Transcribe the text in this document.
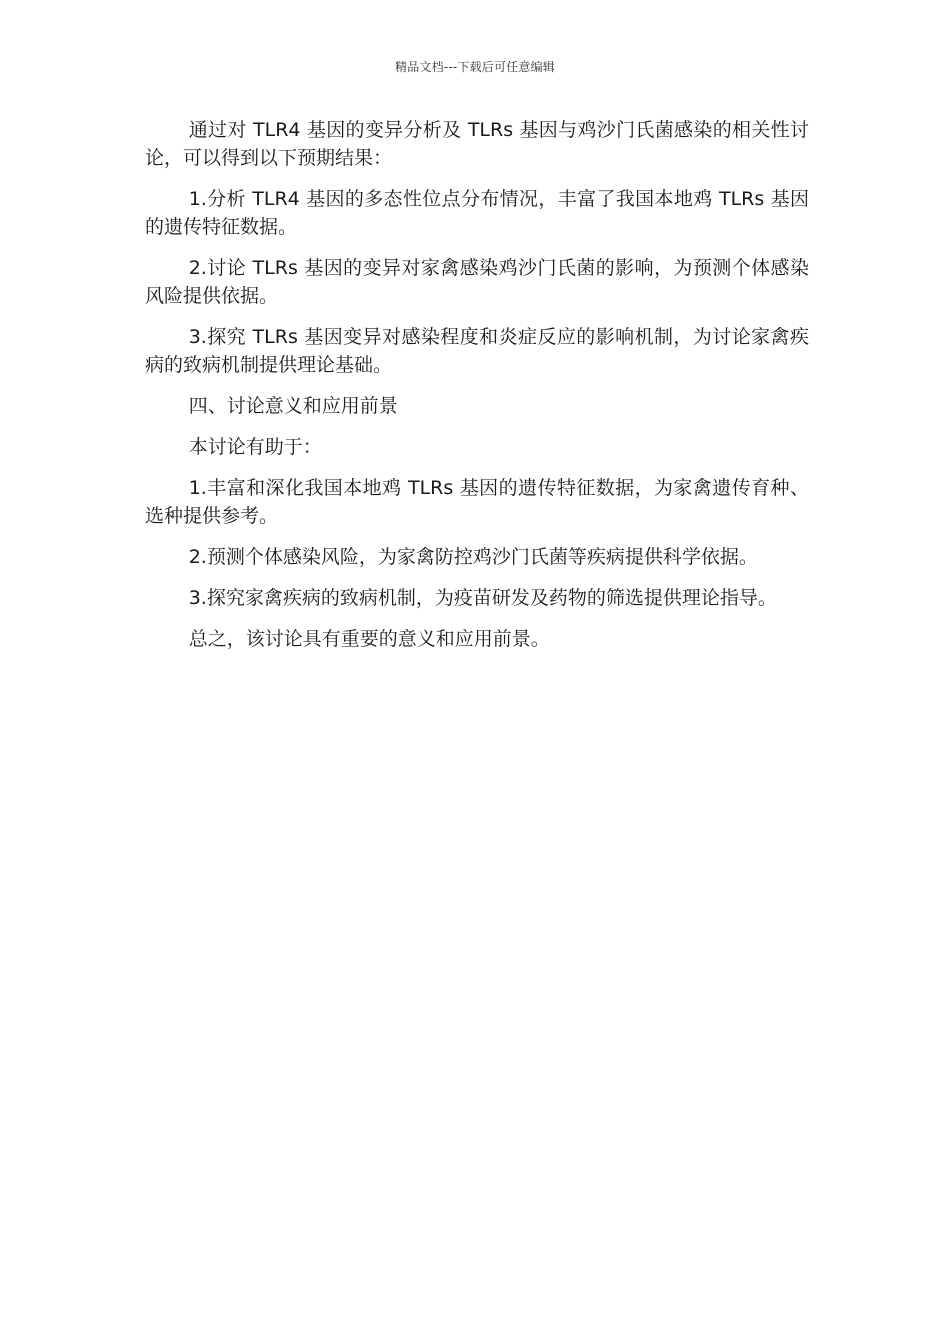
精品文档---下载后可任意编辑

通过对 TLR4 基因的变异分析及 TLRs 基因与鸡沙门氏菌感染的相关性讨论，可以得到以下预期结果：

1.分析 TLR4 基因的多态性位点分布情况，丰富了我国本地鸡 TLRs 基因的遗传特征数据。

2.讨论 TLRs 基因的变异对家禽感染鸡沙门氏菌的影响，为预测个体感染风险提供依据。

3.探究 TLRs 基因变异对感染程度和炎症反应的影响机制，为讨论家禽疾病的致病机制提供理论基础。

四、讨论意义和应用前景

本讨论有助于：

1.丰富和深化我国本地鸡 TLRs 基因的遗传特征数据，为家禽遗传育种、选种提供参考。

2.预测个体感染风险，为家禽防控鸡沙门氏菌等疾病提供科学依据。

3.探究家禽疾病的致病机制，为疫苗研发及药物的筛选提供理论指导。

总之，该讨论具有重要的意义和应用前景。
